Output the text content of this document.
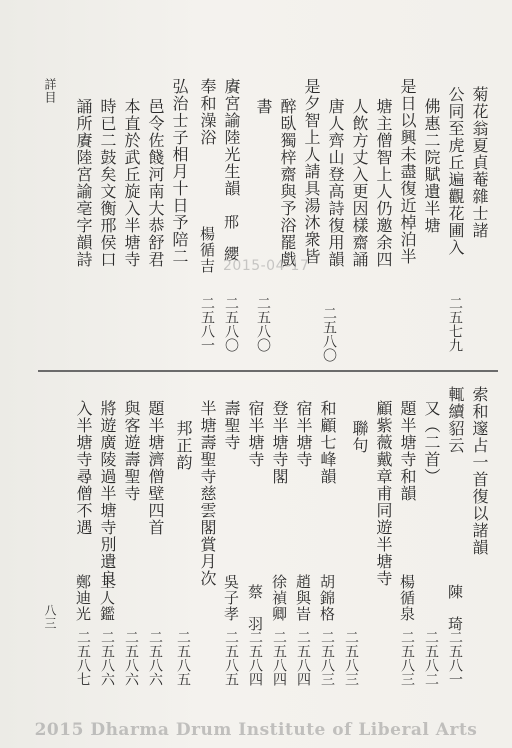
詳目
八三
菊花翁夏貞菴雜士諸
公同至虎丘遍觀花圃入
二五七九
佛惠二院賦遺半塘
是日以興未盡復近棹泊半
塘主僧智上人仍邀余四
人飲方丈入更因樣齋誦
二五八〇
唐人齊山登高詩復用韻
是夕智上人請具湯沐衆皆
醉臥獨梓齋與予浴罷戲
書
二五八〇
賡宮諭陸光生韻
邢　纓
二五八〇
奉和澡浴
楊循吉
二五八一
弘治士子相月十日予陪二
邑令佐餞河南大恭舒君
本直於武丘旋入半塘寺
時已二鼓矣文衡邢侯口
誦所賡陸宮諭亳字韻詩	2015-04-17
索和邃占一首復以諸韻
輒續貂云
陳　琦
二五八一
又（二首）
二五八二
題半塘寺和韻
楊循泉
二五八三
顧紫薇戴章甫同遊半塘寺
聯句
二五八三
和顧七峰韻
胡錦格
二五八三
宿半塘寺
趙與峕
二五八四
登半塘寺閣
徐禎卿
二五八四
宿半塘寺
蔡　羽
二五八四
壽聖寺
吳子孝
二五八五
半塘壽聖寺慈雲閣賞月次
邦正韵
二五八五
題半塘濟僧壁四首
二五八六
與客遊壽聖寺
二五八六
將遊廣陵過半塘寺別遺良
王人鑑
二五八六
入半塘寺尋僧不遇
鄭迪光
二五八七
2015 Dharma Drum Institute of Liberal Arts
